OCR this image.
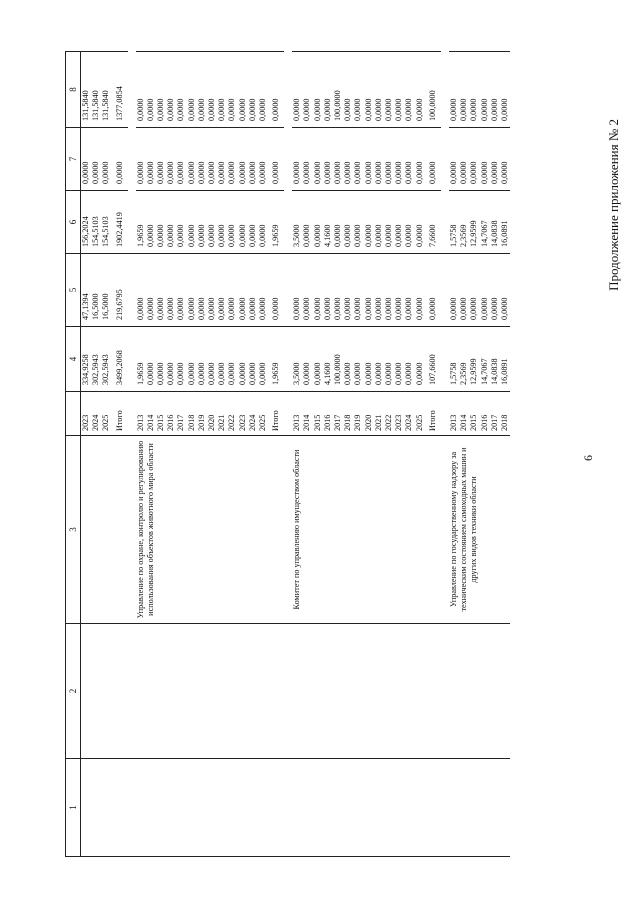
6
Продолжение приложения № 2
1	2	3		4	5	6	7	8
			2023	334,9258	47,1394	156,2024	0,0000	131,5840
			2024	302,5943	16,5000	154,5103	0,0000	131,5840
			2025	302,5943	16,5000	154,5103	0,0000	131,5840
			Итого	3499,2068	219,6795	1902,4419	0,0000	1377,0854

		Управление по охране, контролю и регулированию использования объектов животного мира области	2013	1,9659	0,0000	1,9659	0,0000	0,0000
			2014	0,0000	0,0000	0,0000	0,0000	0,0000
			2015	0,0000	0,0000	0,0000	0,0000	0,0000
			2016	0,0000	0,0000	0,0000	0,0000	0,0000
			2017	0,0000	0,0000	0,0000	0,0000	0,0000
			2018	0,0000	0,0000	0,0000	0,0000	0,0000
			2019	0,0000	0,0000	0,0000	0,0000	0,0000
			2020	0,0000	0,0000	0,0000	0,0000	0,0000
			2021	0,0000	0,0000	0,0000	0,0000	0,0000
			2022	0,0000	0,0000	0,0000	0,0000	0,0000
			2023	0,0000	0,0000	0,0000	0,0000	0,0000
			2024	0,0000	0,0000	0,0000	0,0000	0,0000
			2025	0,0000	0,0000	0,0000	0,0000	0,0000
			Итого	1,9659	0,0000	1,9659	0,0000	0,0000

		Комитет по управлению имуществом области	2013	3,5000	0,0000	3,5000	0,0000	0,0000
			2014	0,0000	0,0000	0,0000	0,0000	0,0000
			2015	0,0000	0,0000	0,0000	0,0000	0,0000
			2016	4,1600	0,0000	4,1600	0,0000	0,0000
			2017	100,0000	0,0000	0,0000	0,0000	100,0000
			2018	0,0000	0,0000	0,0000	0,0000	0,0000
			2019	0,0000	0,0000	0,0000	0,0000	0,0000
			2020	0,0000	0,0000	0,0000	0,0000	0,0000
			2021	0,0000	0,0000	0,0000	0,0000	0,0000
			2022	0,0000	0,0000	0,0000	0,0000	0,0000
			2023	0,0000	0,0000	0,0000	0,0000	0,0000
			2024	0,0000	0,0000	0,0000	0,0000	0,0000
			2025	0,0000	0,0000	0,0000	0,0000	0,0000
			Итого	107,6600	0,0000	7,6600	0,0000	100,0000

		Управление по государственному надзору за техническим состоянием самоходных машин и других видов техники области	2013	1,5758	0,0000	1,5758	0,0000	0,0000
			2014	2,3569	0,0000	2,3569	0,0000	0,0000
			2015	12,9599	0,0000	12,9599	0,0000	0,0000
			2016	14,7067	0,0000	14,7067	0,0000	0,0000
			2017	14,0838	0,0000	14,0838	0,0000	0,0000
			2018	16,0891	0,0000	16,0891	0,0000	0,0000
